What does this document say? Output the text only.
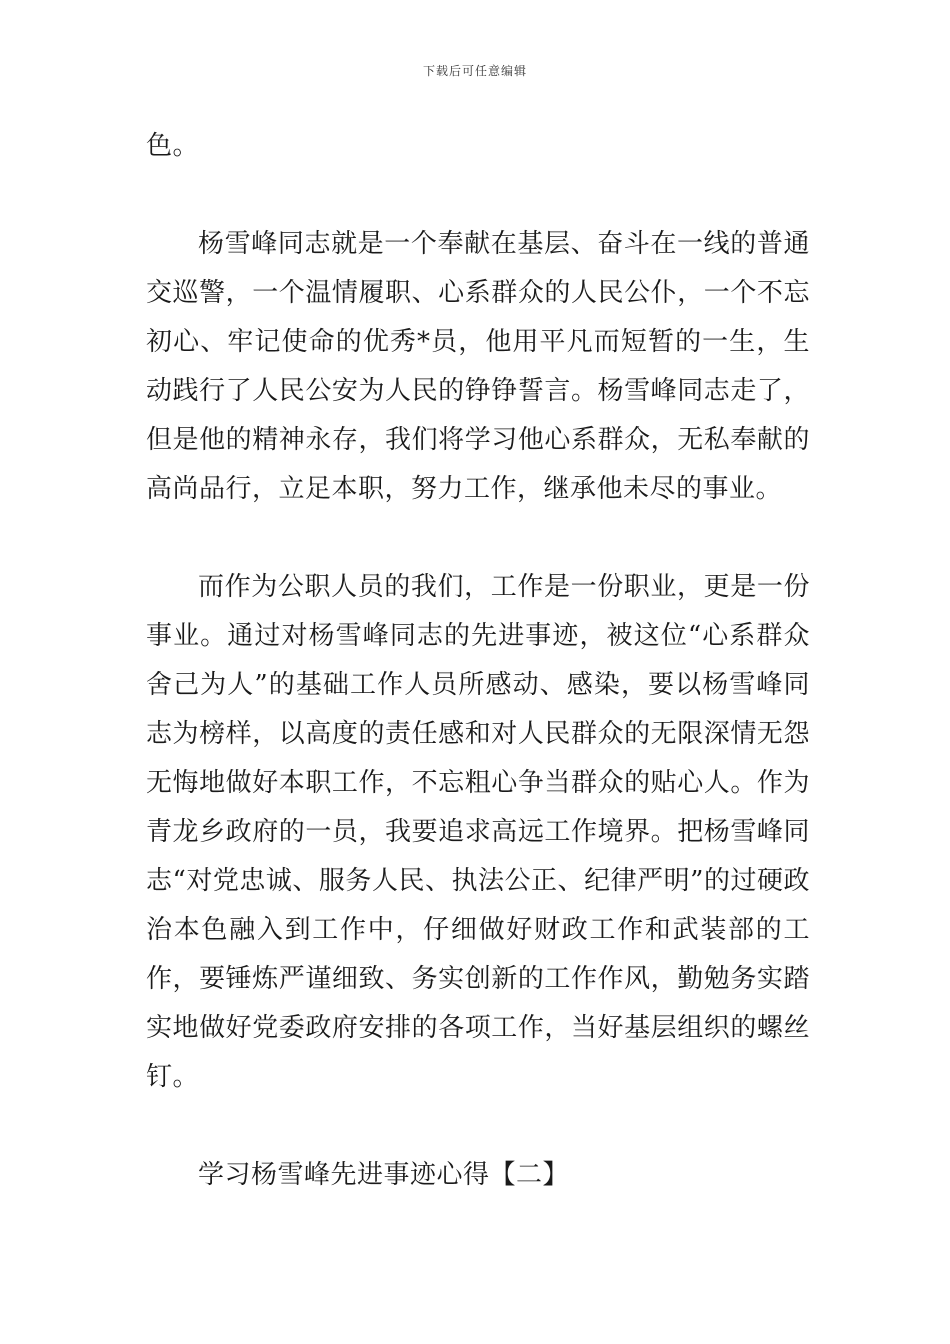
下载后可任意编辑

色。

杨雪峰同志就是一个奉献在基层、奋斗在一线的普通交巡警，一个温情履职、心系群众的人民公仆，一个不忘初心、牢记使命的优秀*员，他用平凡而短暂的一生，生动践行了人民公安为人民的铮铮誓言。杨雪峰同志走了，但是他的精神永存，我们将学习他心系群众，无私奉献的高尚品行，立足本职，努力工作，继承他未尽的事业。

而作为公职人员的我们，工作是一份职业，更是一份事业。通过对杨雪峰同志的先进事迹，被这位“心系群众舍己为人”的基础工作人员所感动、感染，要以杨雪峰同志为榜样，以高度的责任感和对人民群众的无限深情无怨无悔地做好本职工作，不忘粗心争当群众的贴心人。作为青龙乡政府的一员，我要追求高远工作境界。把杨雪峰同志“对党忠诚、服务人民、执法公正、纪律严明”的过硬政治本色融入到工作中，仔细做好财政工作和武装部的工作，要锤炼严谨细致、务实创新的工作作风，勤勉务实踏实地做好党委政府安排的各项工作，当好基层组织的螺丝钉。

学习杨雪峰先进事迹心得【二】
